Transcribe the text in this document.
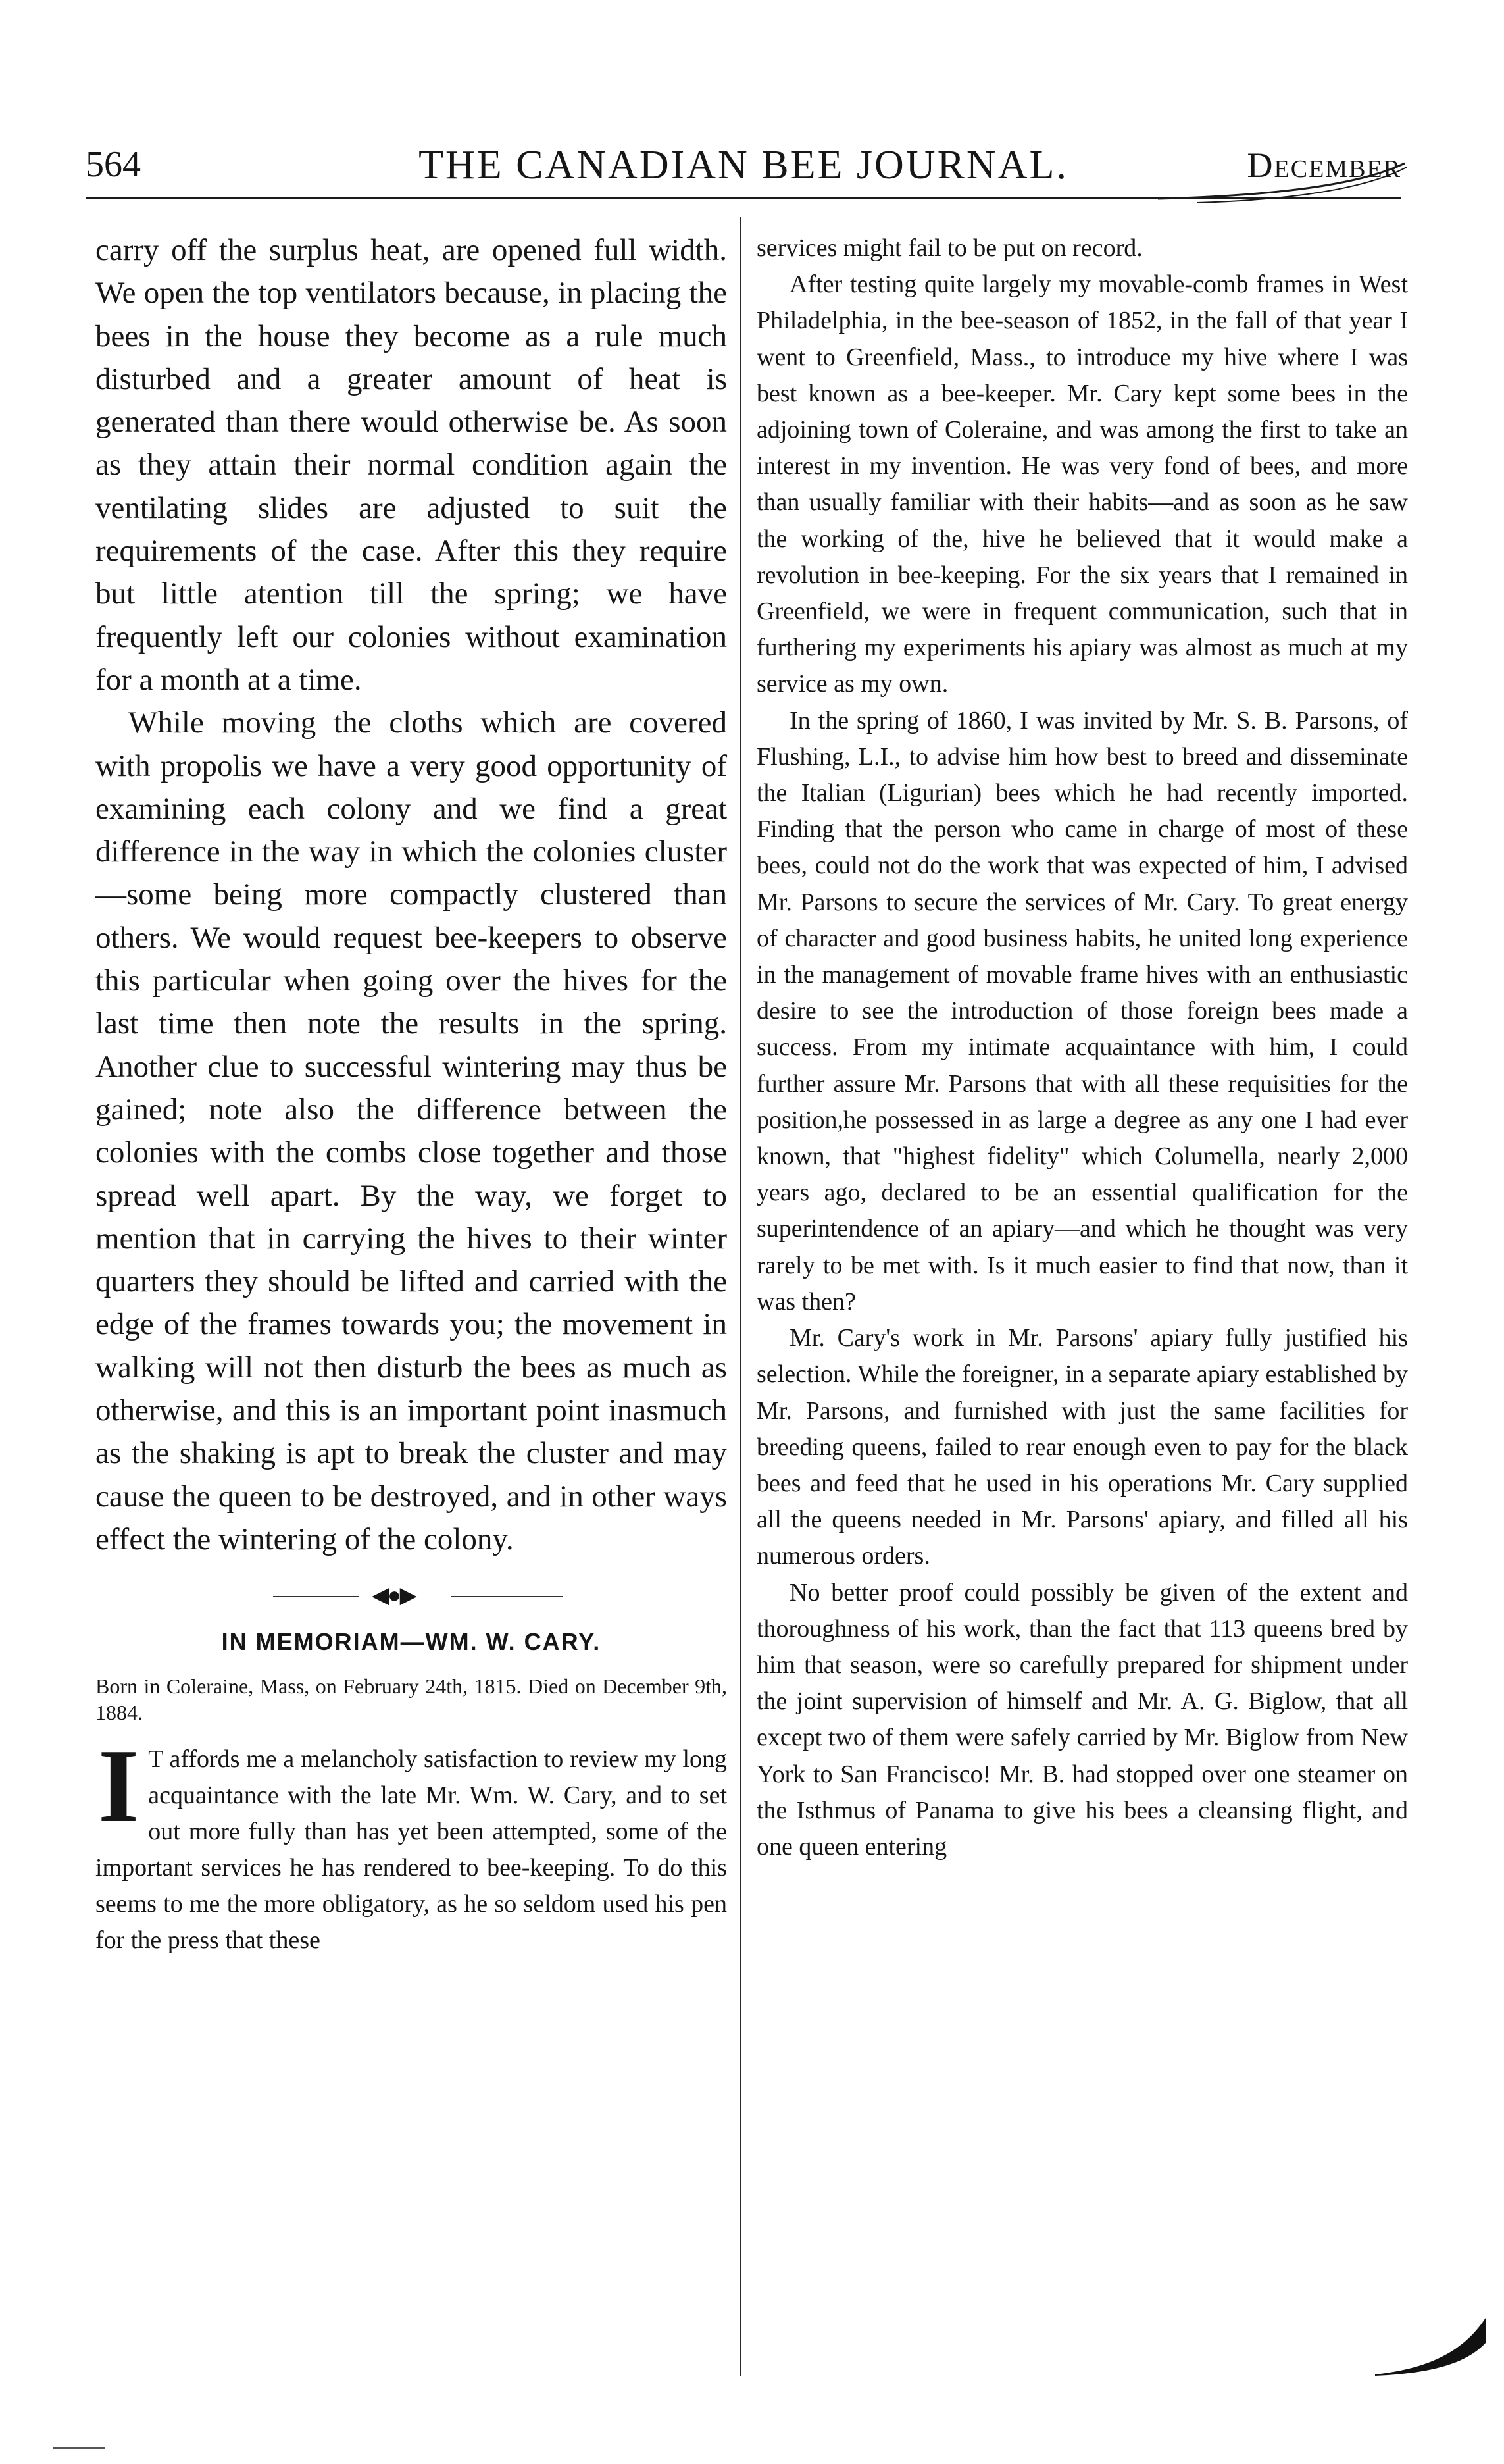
564	THE CANADIAN BEE JOURNAL.	December

carry off the surplus heat, are opened full width. We open the top ventilators because, in placing the bees in the house they become as a rule much disturbed and a greater amount of heat is generated than there would otherwise be. As soon as they attain their normal condition again the ventilating slides are adjusted to suit the requirements of the case. After this they require but little atention till the spring; we have frequently left our colonies without examination for a month at a time.

While moving the cloths which are covered with propolis we have a very good opportunity of examining each colony and we find a great difference in the way in which the colonies cluster—some being more compactly clustered than others. We would request bee-keepers to observe this particular when going over the hives for the last time then note the results in the spring. Another clue to successful wintering may thus be gained; note also the difference between the colonies with the combs close together and those spread well apart. By the way, we forget to mention that in carrying the hives to their winter quarters they should be lifted and carried with the edge of the frames towards you; the movement in walking will not then disturb the bees as much as otherwise, and this is an important point inasmuch as the shaking is apt to break the cluster and may cause the queen to be destroyed, and in other ways effect the wintering of the colony.

◀●▶
IN MEMORIAM—WM. W. CARY.

Born in Coleraine, Mass, on February 24th, 1815. Died on December 9th, 1884.

I T affords me a melancholy satisfaction to review my long acquaintance with the late Mr. Wm. W. Cary, and to set out more fully than has yet been attempted, some of the important services he has rendered to bee-keeping. To do this seems to me the more obligatory, as he so seldom used his pen for the press that these

services might fail to be put on record.

After testing quite largely my movable-comb frames in West Philadelphia, in the bee-season of 1852, in the fall of that year I went to Greenfield, Mass., to introduce my hive where I was best known as a bee-keeper. Mr. Cary kept some bees in the adjoining town of Coleraine, and was among the first to take an interest in my invention. He was very fond of bees, and more than usually familiar with their habits—and as soon as he saw the working of the, hive he believed that it would make a revolution in bee-keeping. For the six years that I remained in Greenfield, we were in frequent communication, such that in furthering my experiments his apiary was almost as much at my service as my own.

In the spring of 1860, I was invited by Mr. S. B. Parsons, of Flushing, L.I., to advise him how best to breed and disseminate the Italian (Ligurian) bees which he had recently imported. Finding that the person who came in charge of most of these bees, could not do the work that was expected of him, I advised Mr. Parsons to secure the services of Mr. Cary. To great energy of character and good business habits, he united long experience in the management of movable frame hives with an enthusiastic desire to see the introduction of those foreign bees made a success. From my intimate acquaintance with him, I could further assure Mr. Parsons that with all these requisities for the position,he possessed in as large a degree as any one I had ever known, that "highest fidelity" which Columella, nearly 2,000 years ago, declared to be an essential qualification for the superintendence of an apiary—and which he thought was very rarely to be met with. Is it much easier to find that now, than it was then?

Mr. Cary's work in Mr. Parsons' apiary fully justified his selection. While the foreigner, in a separate apiary established by Mr. Parsons, and furnished with just the same facilities for breeding queens, failed to rear enough even to pay for the black bees and feed that he used in his operations Mr. Cary supplied all the queens needed in Mr. Parsons' apiary, and filled all his numerous orders.

No better proof could possibly be given of the extent and thoroughness of his work, than the fact that 113 queens bred by him that season, were so carefully prepared for shipment under the joint supervision of himself and Mr. A. G. Biglow, that all except two of them were safely carried by Mr. Biglow from New York to San Francisco! Mr. B. had stopped over one steamer on the Isthmus of Panama to give his bees a cleansing flight, and one queen entering
